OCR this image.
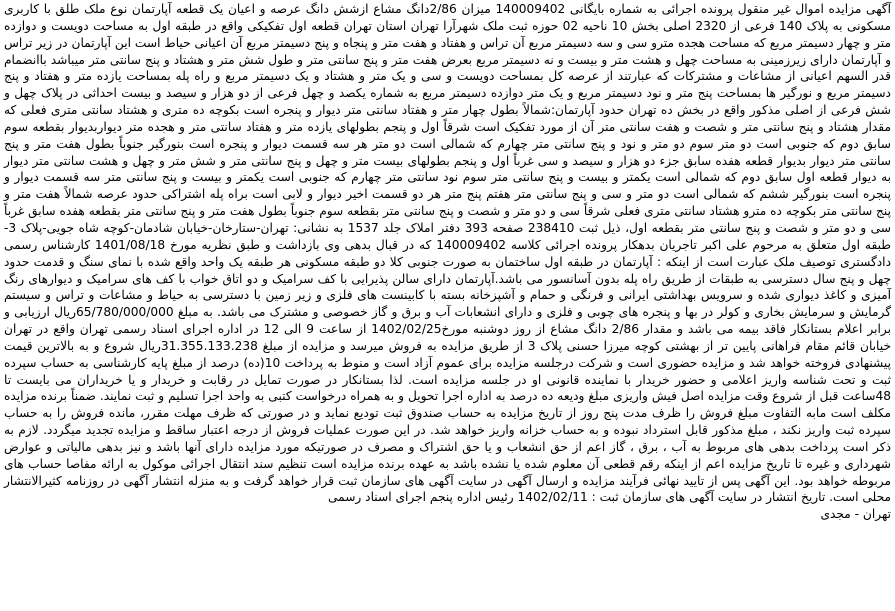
آگهی مزایده اموال غیر منقول پرونده اجرائی به شماره بایگانی 140009402 میزان 2/86دانگ مشاع ازشش دانگ عرصه و اعیان یک قطعه آپارتمان نوع ملک طلق با کاربری مسکونی به پلاک 140 فرعی از 2320 اصلی بخش 10 ناحیه 02 حوزه ثبت ملک شهرآرا تهران استان تهران قطعه اول تفکیکی واقع در طبقه اول به مساحت دویست و دوازده متر و چهار دسیمتر مربع که مساحت هجده مترو سی و سه دسیمتر مربع آن تراس و هفتاد و هفت متر و پنجاه و پنج دسیمتر مربع آن اعیانی حیاط است این آپارتمان در زیر تراس و آپارتمان دارای زیرزمینی به مساحت چهل و هشت متر و بیست و نه دسیمتر مربع بعرض هفت متر و پنج سانتی متر و طول شش متر و هشتاد و پنج سانتی متر میباشد باانضمام قدر السهم اعیانی از مشاعات و مشترکات که عبارتند از عرصه کل بمساحت دویست و سی و یک متر و هشتاد و یک دسیمتر مربع و راه پله بمساحت یازده متر و هفتاد و پنج دسیمتر مربع و نورگیر ها بمساحت پنج متر و نود دسیمتر مربع و یک متر دوازده دسیمتر مربع به شماره یکصد و چهل فرعی از دو هزار و سیصد و بیست احداثی در پلاک چهل و شش فرعی از اصلی مذکور واقع در بخش ده تهران حدود آپارتمان:شمالاً بطول چهار متر و هفتاد سانتی متر دیوار و پنجره است بکوچه ده متری و هشتاد سانتی متری فعلی که مقدار هشتاد و پنج سانتی متر و شصت و هفت سانتی متر آن از مورد تفکیک است شرقاً اول و پنجم بطولهای یازده متر و هفتاد سانتی متر و هجده متر دیواربدیوار بقطعه سوم سابق دوم که جنوبی است دو متر سوم دو متر و نود و پنج سانتی متر چهارم که شمالی است دو متر هر سه قسمت دیوار و پنجره است بنورگیر جنوباً بطول هفت متر و پنج سانتی متر دیوار بدیوار قطعه هفده سابق جزء دو هزار و سیصد و سی غرباً اول و پنجم بطولهای بیست متر و چهل و پنج سانتی متر و شش متر و چهل و هشت سانتی متر دیوار به دیوار قطعه اول سابق دوم که شمالی است یکمتر و بیست و پنج سانتی متر سوم نود سانتی متر چهارم که جنوبی است یکمتر و بیست و پنج سانتی متر سه قسمت دیوار و پنجره است بنورگیر ششم که شمالی است دو متر و سی و پنج سانتی متر هفتم پنج متر هر دو قسمت اخیر دیوار و لابی است براه پله اشتراکی حدود عرصه شمالاً هفت متر و پنج سانتی متر بکوچه ده مترو هشتاد سانتی متری فعلی شرقاً سی و دو متر و شصت و پنج سانتی متر بقطعه سوم جنوباً بطول هفت متر و پنج سانتی متر بقطعه هفده سابق غرباً سی و دو متر و شصت و پنج سانتی متر بقطعه اول، ذیل ثبت 238410 صفحه 393 دفتر املاک جلد 1537 به نشانی: تهران-ستارخان-خیابان شادمان-کوچه شاه جویی-پلاک 3-طبقه اول متعلق به مرحوم علی اکبر تاجریان بدهکار پرونده اجرائی کلاسه 140009402 که در قبال بدهی وی بازداشت و طبق نظریه مورخ 1401/08/18 کارشناس رسمی دادگستری توصیف ملک عبارت است از اینکه : آپارتمان در طبقه اول ساختمان به صورت جنوبی کلا دو طبقه مسکونی هر طبقه یک واحد واقع شده با نمای سنگ و قدمت حدود چهل و پنج سال دسترسی به طبقات از طریق راه پله بدون آسانسور می باشد.آپارتمان دارای سالن پذیرایی با کف سرامیک و دو اتاق خواب با کف های سرامیک و دیوارهای رنگ آمیزی و کاغذ دیواری شده و سرویس بهداشتی ایرانی و فرنگی و حمام و آشپزخانه بسته با کابینست های فلزی و زیر زمین با دسترسی به حیاط و مشاعات و تراس و سیستم گرمایش و سرمایش بخاری و کولر در بها و پنجره های چوبی و فلزی و دارای انشعابات آب و برق و گاز خصوصی و مشترک می باشد. به مبلغ 65/780/000/000ریال ارزیابی و برابر اعلام بستانکار فاقد بیمه می باشد و مقدار 2/86 دانگ مشاع از روز دوشنبه مورخ1402/02/25 از ساعت 9 الی 12 در اداره اجرای اسناد رسمی تهران واقع در تهران خیابان قائم مقام فراهانی پایین تر از بهشتی کوچه میرزا حسنی پلاک 3 از طریق مزایده به فروش میرسد و مزایده از مبلغ 31.355.133.238ریال شروع و به بالاترین قیمت پیشنهادی فروخته خواهد شد و مزایده حضوری است و شرکت درجلسه مزایده برای عموم آزاد است و منوط به پرداخت 10(ده) درصد از مبلغ پایه کارشناسی به حساب سپرده ثبت و تحت شناسه واریز اعلامی و حضور خریدار با نماینده قانونی او در جلسه مزایده است. لذا بستانکار در صورت تمایل در رقابت و خریدار و یا خریداران می بایست تا 48ساعت قبل از شروع وقت مزایده اصل فیش واریزی مبلغ ودیعه ده درصد به اداره اجرا تحویل و به همراه درخواست کتبی به واحد اجرا تسلیم و ثبت نمایند. ضمناً برنده مزایده مکلف است مابه التفاوت مبلغ فروش را ظرف مدت پنج روز از تاریخ مزایده به حساب صندوق ثبت تودیع نماید و در صورتی که ظرف مهلت مقرر، مانده فروش را به حساب سپرده ثبت واریز نکند ، مبلغ مذکور قابل استرداد نبوده و به حساب خزانه واریز خواهد شد. در این صورت عملیات فروش از درجه اعتبار ساقط و مزایده تجدید میگردد. لازم به ذکر است پرداخت بدهی های مربوط به آب ، برق ، گاز اعم از حق انشعاب و یا حق اشتراک و مصرف در صورتیکه مورد مزایده دارای آنها باشد و نیز بدهی مالیاتی و عوارض شهرداری و غیره تا تاریخ مزایده اعم از اینکه رقم قطعی آن معلوم شده یا نشده باشد به عهده برنده مزایده است تنظیم سند انتقال اجرائی موکول به ارائه مفاصا حساب های مربوطه خواهد بود. این آگهی پس از تایید نهائی فرآیند مزایده و ارسال آگهی در سایت آگهی های سازمان ثبت قرار خواهد گرفت و به منزله انتشار آگهی در روزنامه کثیرالانتشار محلی است. تاریخ انتشار در سایت آگهی های سازمان ثبت : 1402/02/11 رئیس اداره پنجم اجرای اسناد رسمی

تهران - مجدی
